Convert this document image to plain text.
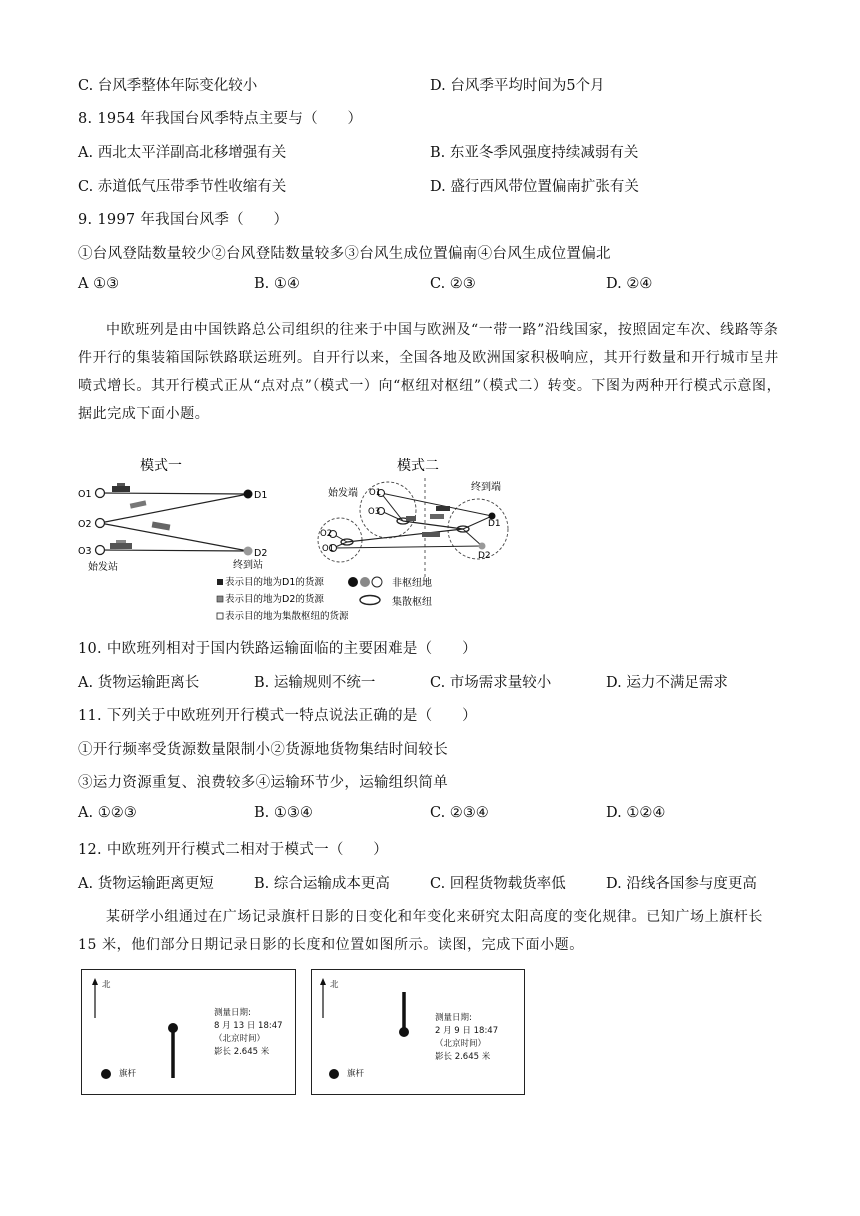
C. 台风季整体年际变化较小	D. 台风季平均时间为5个月
8. 1954 年我国台风季特点主要与（　　）
A. 西北太平洋副高北移增强有关	B. 东亚冬季风强度持续减弱有关
C. 赤道低气压带季节性收缩有关	D. 盛行西风带位置偏南扩张有关
9. 1997 年我国台风季（　　）
①台风登陆数量较少②台风登陆数量较多③台风生成位置偏南④台风生成位置偏北
A ①③	B. ①④	C. ②③	D. ②④
中欧班列是由中国铁路总公司组织的往来于中国与欧洲及“一带一路”沿线国家，按照固定车次、线路等条件开行的集装箱国际铁路联运班列。自开行以来，全国各地及欧洲国家积极响应，其开行数量和开行城市呈井喷式增长。其开行模式正从“点对点”（模式一）向“枢纽对枢纽”（模式二）转变。下图为两种开行模式示意图，据此完成下面小题。
模式一
O1
O2
O3
D1
D2
始发站	终到站
模式二
O1
O3
O2
O1
D1
D2
始发端
终到端
表示目的地为D1的货源
表示目的地为D2的货源
表示目的地为集散枢纽的货源
非枢纽地
集散枢纽
10. 中欧班列相对于国内铁路运输面临的主要困难是（　　）
A. 货物运输距离长	B. 运输规则不统一	C. 市场需求量较小	D. 运力不满足需求
11. 下列关于中欧班列开行模式一特点说法正确的是（　　）
①开行频率受货源数量限制小②货源地货物集结时间较长
③运力资源重复、浪费较多④运输环节少，运输组织简单
A. ①②③	B. ①③④	C. ②③④	D. ①②④
12. 中欧班列开行模式二相对于模式一（　　）
A. 货物运输距离更短	B. 综合运输成本更高	C. 回程货物载货率低	D. 沿线各国参与度更高
某研学小组通过在广场记录旗杆日影的日变化和年变化来研究太阳高度的变化规律。已知广场上旗杆长 15 米，他们部分日期记录日影的长度和位置如图所示。读图，完成下面小题。
北
旗杆
测量日期:
8 月 13 日 18:47
（北京时间）
影长 2.645 米
北
旗杆
测量日期:
2 月 9 日 18:47
（北京时间）
影长 2.645 米
